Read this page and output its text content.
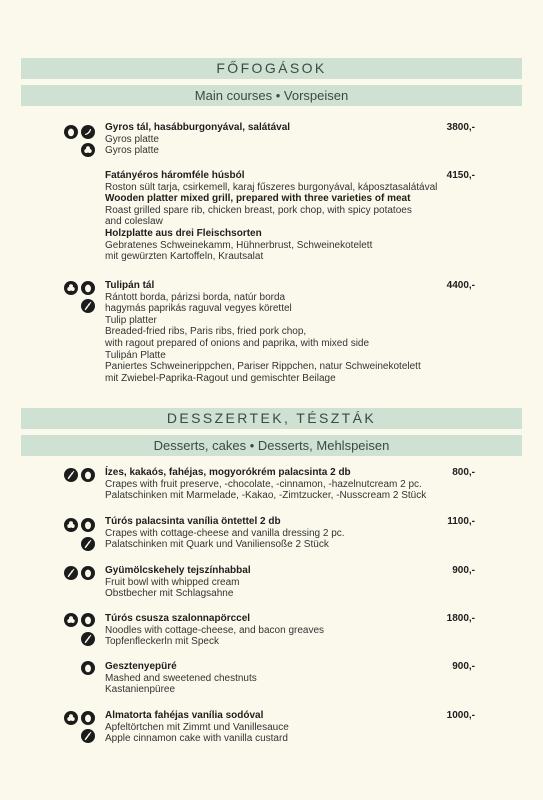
FŐFOGÁSOK
Main courses • Vorspeisen
Gyros tál, hasábburgonyával, salátával
Gyros platte
Gyros platte
3800,-
Fatányéros háromféle húsból
Roston sült tarja, csirkemell, karaj fűszeres burgonyával, káposztasalátával
Wooden platter mixed grill, prepared with three varieties of meat
Roast grilled spare rib, chicken breast, pork chop, with spicy potatoes
and coleslaw
Holzplatte aus drei Fleischsorten
Gebratenes Schweinekamm, Hühnerbrust, Schweinekotelett
mit gewürzten Kartoffeln, Krautsalat
4150,-
Tulipán tál
Rántott borda, párizsi borda, natúr borda
hagymás paprikás raguval vegyes körettel
Tulip platter
Breaded-fried ribs, Paris ribs, fried pork chop,
with ragout prepared of onions and paprika, with mixed side
Tulipán Platte
Paniertes Schweinerippchen, Pariser Rippchen, natur Schweinekotelett
mit Zwiebel-Paprika-Ragout und gemischter Beilage
4400,-
DESSZERTEK, TÉSZTÁK
Desserts, cakes • Desserts, Mehlspeisen
Ízes, kakaós, fahéjas, mogyorókrém palacsinta 2 db
Crapes with fruit preserve, -chocolate, -cinnamon, -hazelnutcream 2 pc.
Palatschinken mit Marmelade, -Kakao, -Zimtzucker, -Nusscream 2 Stück
800,-
Túrós palacsinta vanília öntettel 2 db
Crapes with cottage-cheese and vanilla dressing 2 pc.
Palatschinken mit Quark und Vaniliensoße 2 Stück
1100,-
Gyümölcskehely tejszínhabbal
Fruit bowl with whipped cream
Obstbecher mit Schlagsahne
900,-
Túrós csusza szalonnapörccel
Noodles with cottage-cheese, and bacon greaves
Topfenfleckerln mit Speck
1800,-
Gesztenyepüré
Mashed and sweetened chestnuts
Kastanienpüree
900,-
Almatorta fahéjas vanília sodóval
Apfeltörtchen mit Zimmt und Vanillesauce
Apple cinnamon cake with vanilla custard
1000,-
